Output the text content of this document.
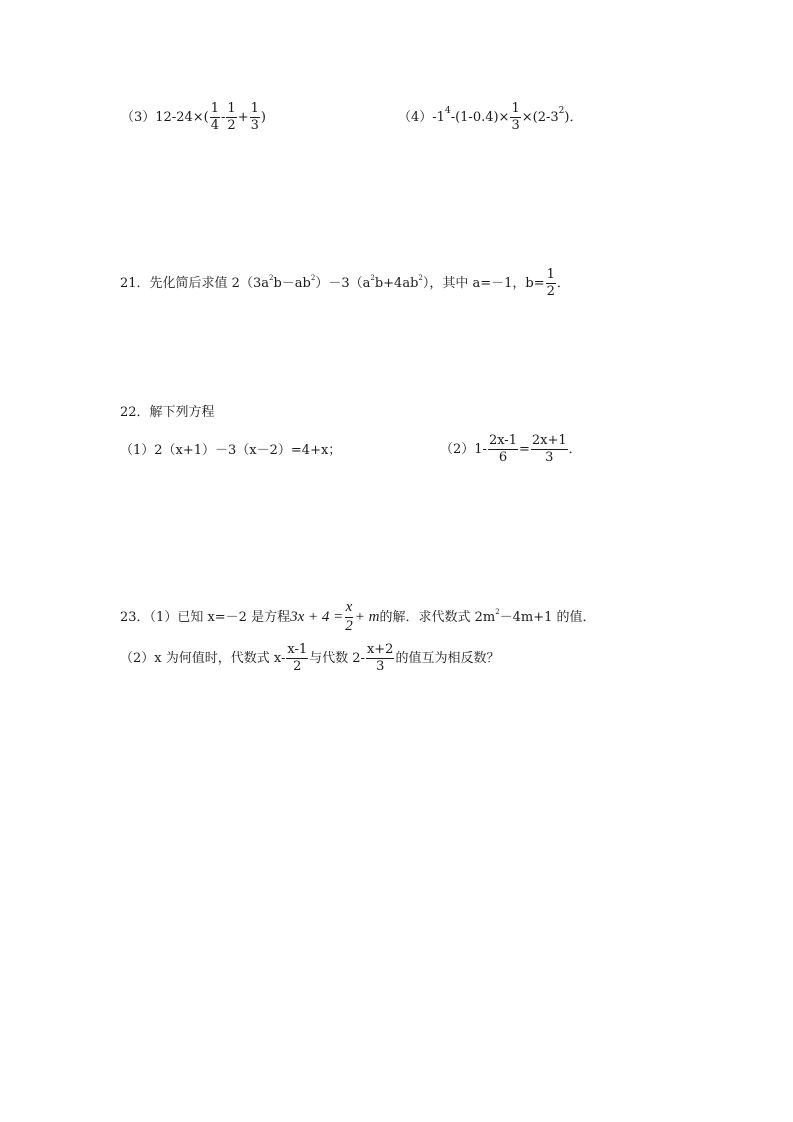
（3） $12-24\times( \frac{1}{4} - \frac{1}{2} + \frac{1}{3}$ )	（4） -1 4 $-(1-0.4)\times \frac{1}{3} \times(2-3$ 2 )．
21． 先化简后求值 2（3a 2 b－ab 2 ）－3（a 2 b+4ab 2 ），其中 a=－1，$b= \frac{1}{2}$ ．
22．解下列方程
（1）2（x+1）－3（x－2）=4+x；	$(2)1- \frac{2x-1}{6} = \frac{2x+1}{3}$ ．
23．（1）已知 x=－2 是方程 $3x + 4 = \frac{x}{2} + m$ 的解．求代数式 2m 2 －4m+1 的值．
（2）x 为何值时，代数式 $x- \frac{x-1}{2}$ 与代数 $2- \frac{x+2}{3}$ 的值互为相反数？
